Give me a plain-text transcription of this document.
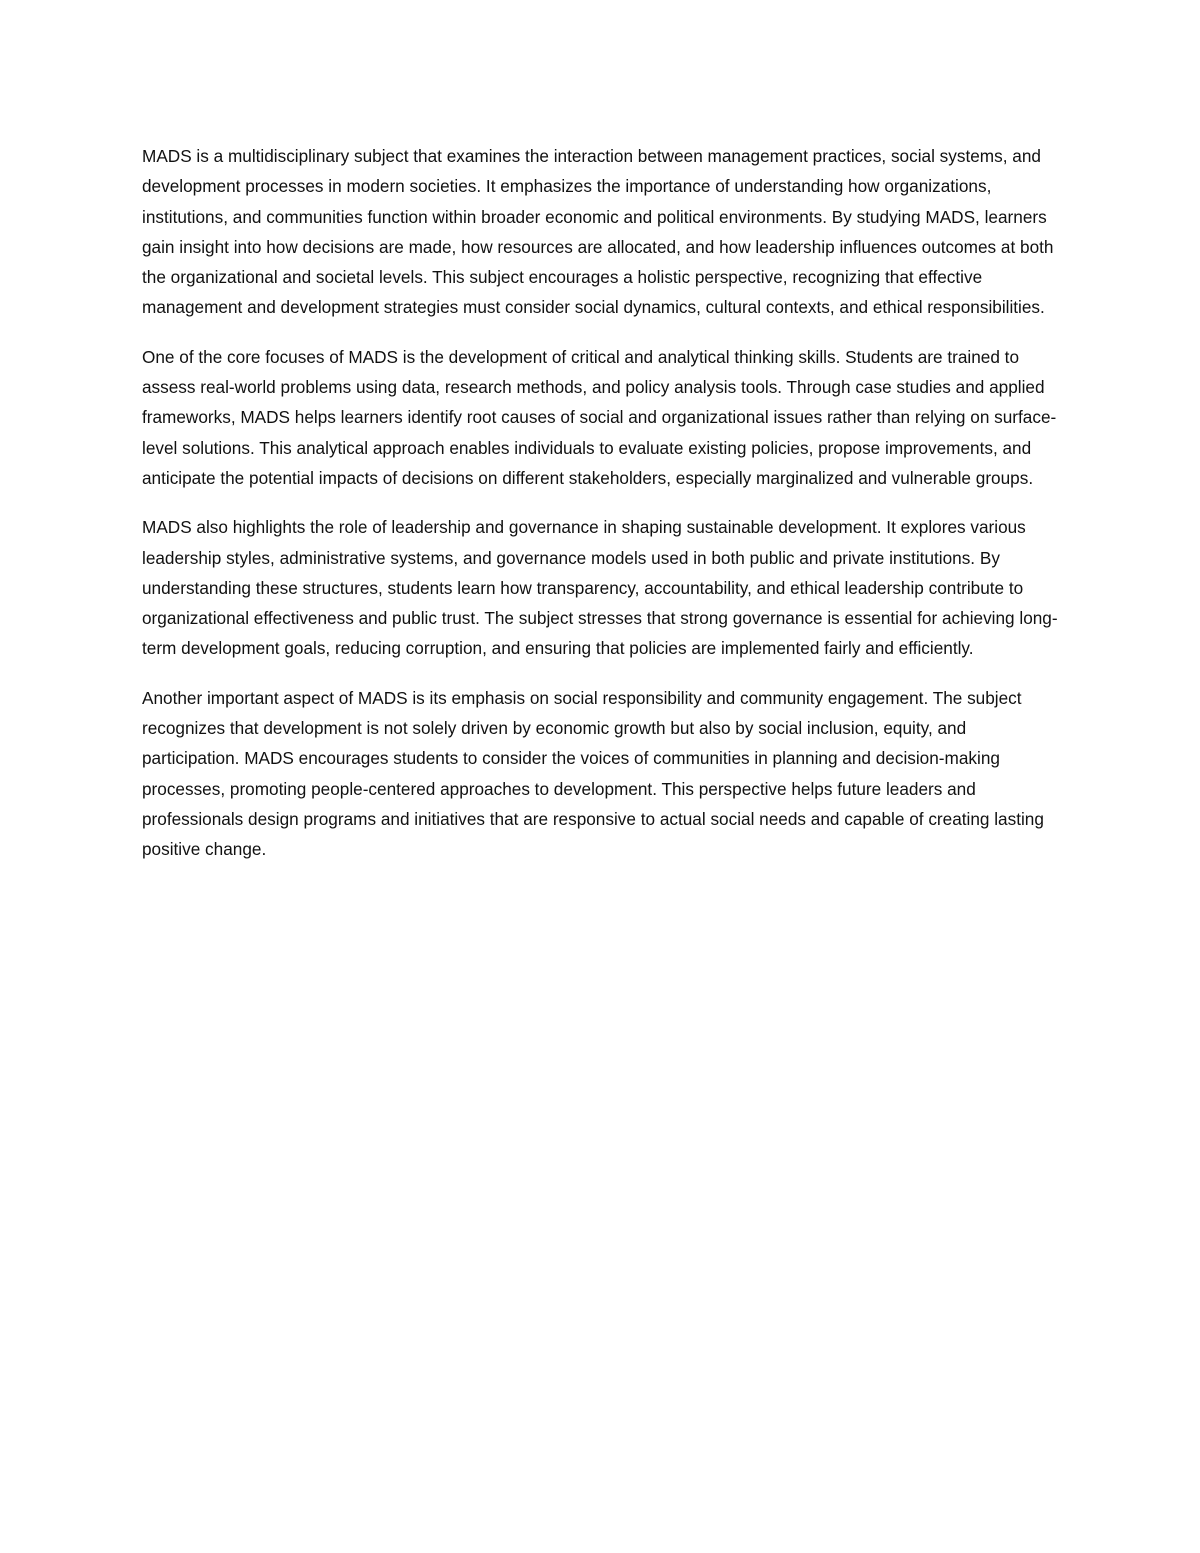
MADS is a multidisciplinary subject that examines the interaction between management practices, social systems, and development processes in modern societies. It emphasizes the importance of understanding how organizations, institutions, and communities function within broader economic and political environments. By studying MADS, learners gain insight into how decisions are made, how resources are allocated, and how leadership influences outcomes at both the organizational and societal levels. This subject encourages a holistic perspective, recognizing that effective management and development strategies must consider social dynamics, cultural contexts, and ethical responsibilities.

One of the core focuses of MADS is the development of critical and analytical thinking skills. Students are trained to assess real-world problems using data, research methods, and policy analysis tools. Through case studies and applied frameworks, MADS helps learners identify root causes of social and organizational issues rather than relying on surface-level solutions. This analytical approach enables individuals to evaluate existing policies, propose improvements, and anticipate the potential impacts of decisions on different stakeholders, especially marginalized and vulnerable groups.

MADS also highlights the role of leadership and governance in shaping sustainable development. It explores various leadership styles, administrative systems, and governance models used in both public and private institutions. By understanding these structures, students learn how transparency, accountability, and ethical leadership contribute to organizational effectiveness and public trust. The subject stresses that strong governance is essential for achieving long-term development goals, reducing corruption, and ensuring that policies are implemented fairly and efficiently.

Another important aspect of MADS is its emphasis on social responsibility and community engagement. The subject recognizes that development is not solely driven by economic growth but also by social inclusion, equity, and participation. MADS encourages students to consider the voices of communities in planning and decision-making processes, promoting people-centered approaches to development. This perspective helps future leaders and professionals design programs and initiatives that are responsive to actual social needs and capable of creating lasting positive change.
